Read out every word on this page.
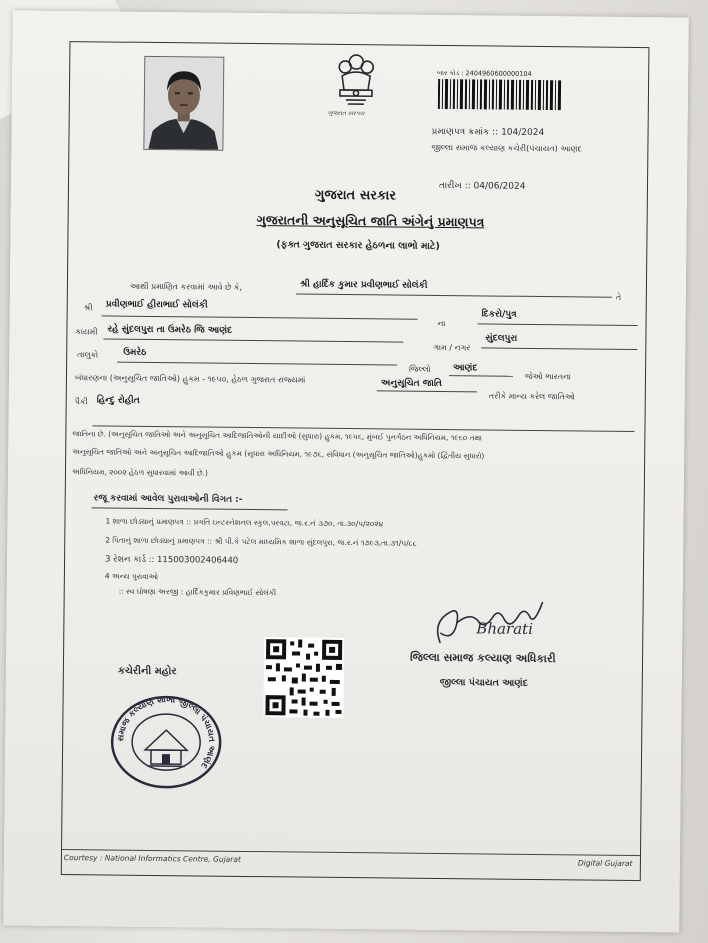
ગુજરાત સરકાર
બાર કોડ : 2404960600000104
પ્રમાણપત્ર ક્રમાંક :: 104/2024
જીલ્લા સમાજ કલ્યાણ કચેરી(પંચાયત) આણંદ
તારીખ :: 04/06/2024
ગુજરાત સરકાર
ગુજરાતની અનુસૂચિત જાતિ અંગેનું પ્રમાણપત્ર
(ફક્ત ગુજરાત સરકાર હેઠળના લાભો માટે)
આથી પ્રમાણિત કરવામાં આવે છે કે,	શ્રી હાર્દિક કુમાર પ્રવીણભાઈ સોલંકી
તે
શ્રી પ્રવીણભાઈ હીરાભાઈ સોલંકી
ના
દિકરો/પુત્ર
કાયમી રહે સુંદલપુરા તા ઉમરેઠ જિ આણંદ
ગામ / નગર
સુંદલપુરા
તાલુકો	ઉમરેઠ
જિલ્લો આણંદ
જેઓ ભારતના
બંધારણના (અનુસૂચિત જાતિઓ) હુકમ - ૧૯૫૦, હેઠળ ગુજરાત રાજ્યમાં	અનુસૂચિત જાતિ
તરીકે માન્ય કરેલ જાતિઓ
પૈકી હિન્દુ રોહીત
જાતિના છે. (અનુસૂચિત જાતિઓ અને અનુસૂચિત આદિજાતિઓની યાદીઓ (સુધારા) હુકમ, ૧૯૫૬, મુંબઈ પુનર્ગઠન અધિનિયમ, ૧૯૬૦ તથા
અનુસૂચિત જાતિઓ અને અનુસૂચિત આદિજાતિઓ હુકમ (સુધારા અધિનિયમ, ૧૯૭૬, સંવિધાન (અનુસૂચિત જાતિઓ)હુકમો (દ્વિતીય સુધારો)
અધિનિયમ, ૨૦૦૨ હેઠળ સુધારવામાં આવી છે.)
રજૂ કરવામાં આવેલ પુરાવાઓની વિગત :-
1 શાળા છોડ્યાનું પ્રમાણપત્ર :: પ્રગતિ ઇન્ટરનેશનલ સ્કુલ,પરવટા, જ.ર.નં ૩૭૦, તા.૩૦/૫/૨૦૨૪
2 પિતાનું શાળા છોડ્યાનું પ્રમાણપત્ર :: શ્રી પી.કે પટેલ માધ્યમિક શાળા સુંદલપુરા, જ.ર.નં ૧૭૯૩,તા.૩૧/૫/૮૮
3 રેશન કાર્ડ :: 115003002406440
4 અન્ય પુરાવાઓ
:: સ્વ ઘોષણા અરજી : હાર્દિકકુમાર પ્રવિણભાઈ સોલંકી
Bharati
જિલ્લા સમાજ કલ્યાણ અધિકારી
જીલ્લા પંચાયત આણંદ
કચેરીની મહોર
સમાજ કલ્યાણ શાખા જીલ્લા પંચાયત આણંદ
Courtesy : National Informatics Centre, Gujarat	Digital Gujarat
